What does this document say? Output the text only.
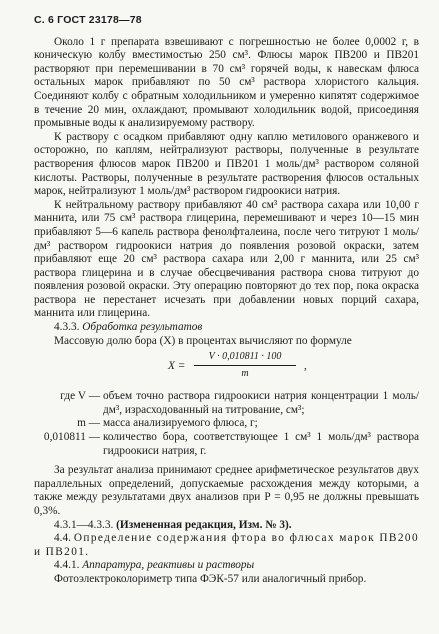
С. 6 ГОСТ 23178—78

Около 1 г препарата взвешивают с погрешностью не более 0,0002 г, в коническую колбу вместимостью 250 см³. Флюсы марок ПВ200 и ПВ201 растворяют при перемешивании в 70 см³ горячей воды, к навескам флюса остальных марок прибавляют по 50 см³ раствора хлористого кальция. Соединяют колбу с обратным холодильником и умеренно кипятят содержимое в течение 20 мин, охлаждают, промывают холодильник водой, присоединяя промывные воды к анализируемому раствору.

К раствору с осадком прибавляют одну каплю метилового оранжевого и осторожно, по каплям, нейтрализуют растворы, полученные в результате растворения флюсов марок ПВ200 и ПВ201 1 моль/дм³ раствором соляной кислоты. Растворы, полученные в результате растворения флюсов остальных марок, нейтрализуют 1 моль/дм³ раствором гидроокиси натрия.

К нейтральному раствору прибавляют 40 см³ раствора сахара или 10,00 г маннита, или 75 см³ раствора глицерина, перемешивают и через 10—15 мин прибавляют 5—6 капель раствора фенолфталеина, после чего титруют 1 моль/дм³ раствором гидроокиси натрия до появления розовой окраски, затем прибавляют еще 20 см³ раствора сахара или 2,00 г маннита, или 25 см³ раствора глицерина и в случае обесцвечивания раствора снова титруют до появления розовой окраски. Эту операцию повторяют до тех пор, пока окраска раствора не перестанет исчезать при добавлении новых порций сахара, маннита или глицерина.

4.3.3. Обработка результатов

Массовую долю бора (X) в процентах вычисляют по формуле

$X = \frac{V \cdot 0,010811 \cdot 100}{m}$ ,
где V —	объем точно раствора гидроокиси натрия концентрации 1 моль/дм³, израсходованный на титрование, см³;
m —	масса анализируемого флюса, г;
0,010811 —	количество бора, соответствующее 1 см³ 1 моль/дм³ раствора гидроокиси натрия, г.

За результат анализа принимают среднее арифметическое результатов двух параллельных определений, допускаемые расхождения между которыми, а также между результатами двух анализов при P = 0,95 не должны превышать 0,3%.

4.3.1—4.3.3. (Измененная редакция, Изм. № 3).

4.4. Определение содержания фтора во флюсах марок ПВ200 и ПВ201.

4.4.1. Аппаратура, реактивы и растворы

Фотоэлектроколориметр типа ФЭК-57 или аналогичный прибор.
